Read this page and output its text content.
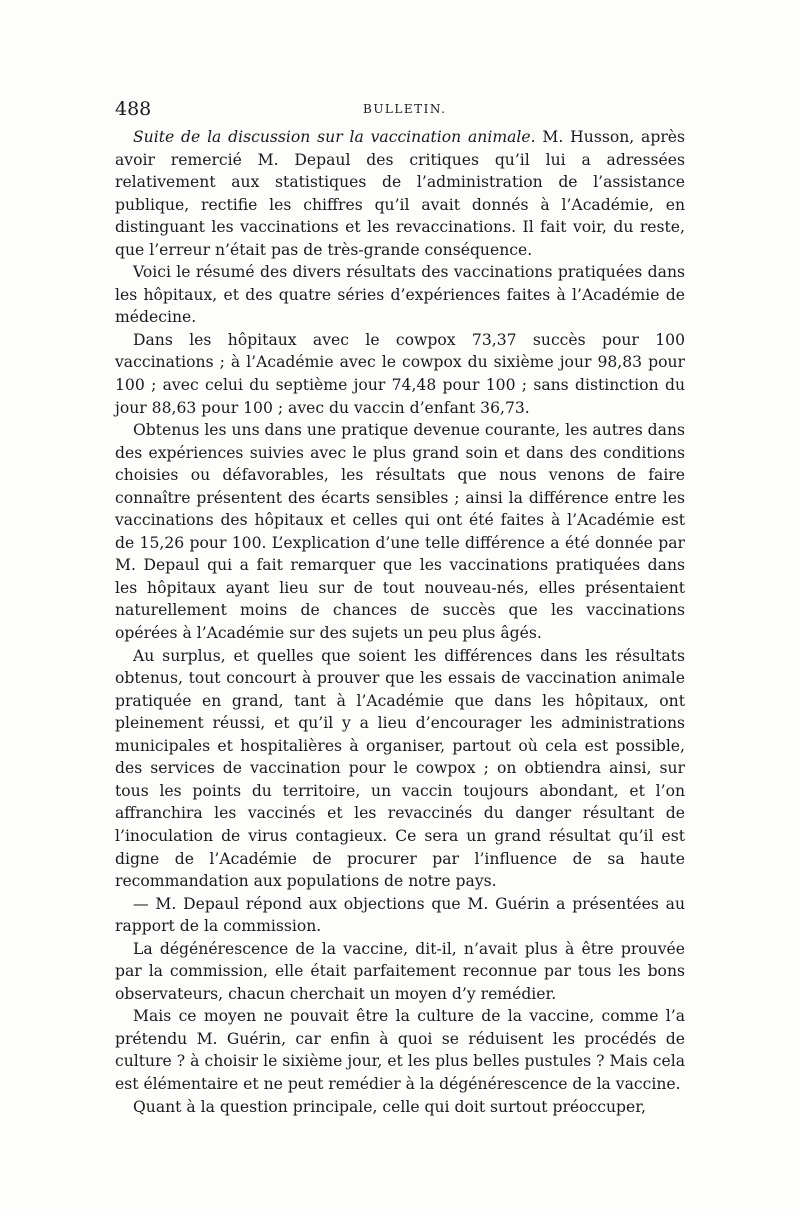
488	BULLETIN.

Suite de la discussion sur la vaccination animale. M. Husson, après avoir remercié M. Depaul des critiques qu’il lui a adressées relativement aux statistiques de l’administration de l’assistance publique, rectifie les chiffres qu’il avait donnés à l’Académie, en distinguant les vaccinations et les revaccinations. Il fait voir, du reste, que l’erreur n’était pas de très-grande conséquence.

Voici le résumé des divers résultats des vaccinations pratiquées dans les hôpitaux, et des quatre séries d’expériences faites à l’Académie de médecine.

Dans les hôpitaux avec le cowpox 73,37 succès pour 100 vaccinations ; à l’Académie avec le cowpox du sixième jour 98,83 pour 100 ; avec celui du septième jour 74,48 pour 100 ; sans distinction du jour 88,63 pour 100 ; avec du vaccin d’enfant 36,73.

Obtenus les uns dans une pratique devenue courante, les autres dans des expériences suivies avec le plus grand soin et dans des conditions choisies ou défavorables, les résultats que nous venons de faire connaître présentent des écarts sensibles ; ainsi la différence entre les vaccinations des hôpitaux et celles qui ont été faites à l’Académie est de 15,26 pour 100. L’explication d’une telle différence a été donnée par M. Depaul qui a fait remarquer que les vaccinations pratiquées dans les hôpitaux ayant lieu sur de tout nouveau-nés, elles présentaient naturellement moins de chances de succès que les vaccinations opérées à l’Académie sur des sujets un peu plus âgés.

Au surplus, et quelles que soient les différences dans les résultats obtenus, tout concourt à prouver que les essais de vaccination animale pratiquée en grand, tant à l’Académie que dans les hôpitaux, ont pleinement réussi, et qu’il y a lieu d’encourager les administrations municipales et hospitalières à organiser, partout où cela est possible, des services de vaccination pour le cowpox ; on obtiendra ainsi, sur tous les points du territoire, un vaccin toujours abondant, et l’on affranchira les vaccinés et les revaccinés du danger résultant de l’inoculation de virus contagieux. Ce sera un grand résultat qu’il est digne de l’Académie de procurer par l’influence de sa haute recommandation aux populations de notre pays.

— M. Depaul répond aux objections que M. Guérin a présentées au rapport de la commission.

La dégénérescence de la vaccine, dit-il, n’avait plus à être prouvée par la commission, elle était parfaitement reconnue par tous les bons observateurs, chacun cherchait un moyen d’y remédier.

Mais ce moyen ne pouvait être la culture de la vaccine, comme l’a prétendu M. Guérin, car enfin à quoi se réduisent les procédés de culture ? à choisir le sixième jour, et les plus belles pustules ? Mais cela est élémentaire et ne peut remédier à la dégénérescence de la vaccine.

Quant à la question principale, celle qui doit surtout préoccuper,
